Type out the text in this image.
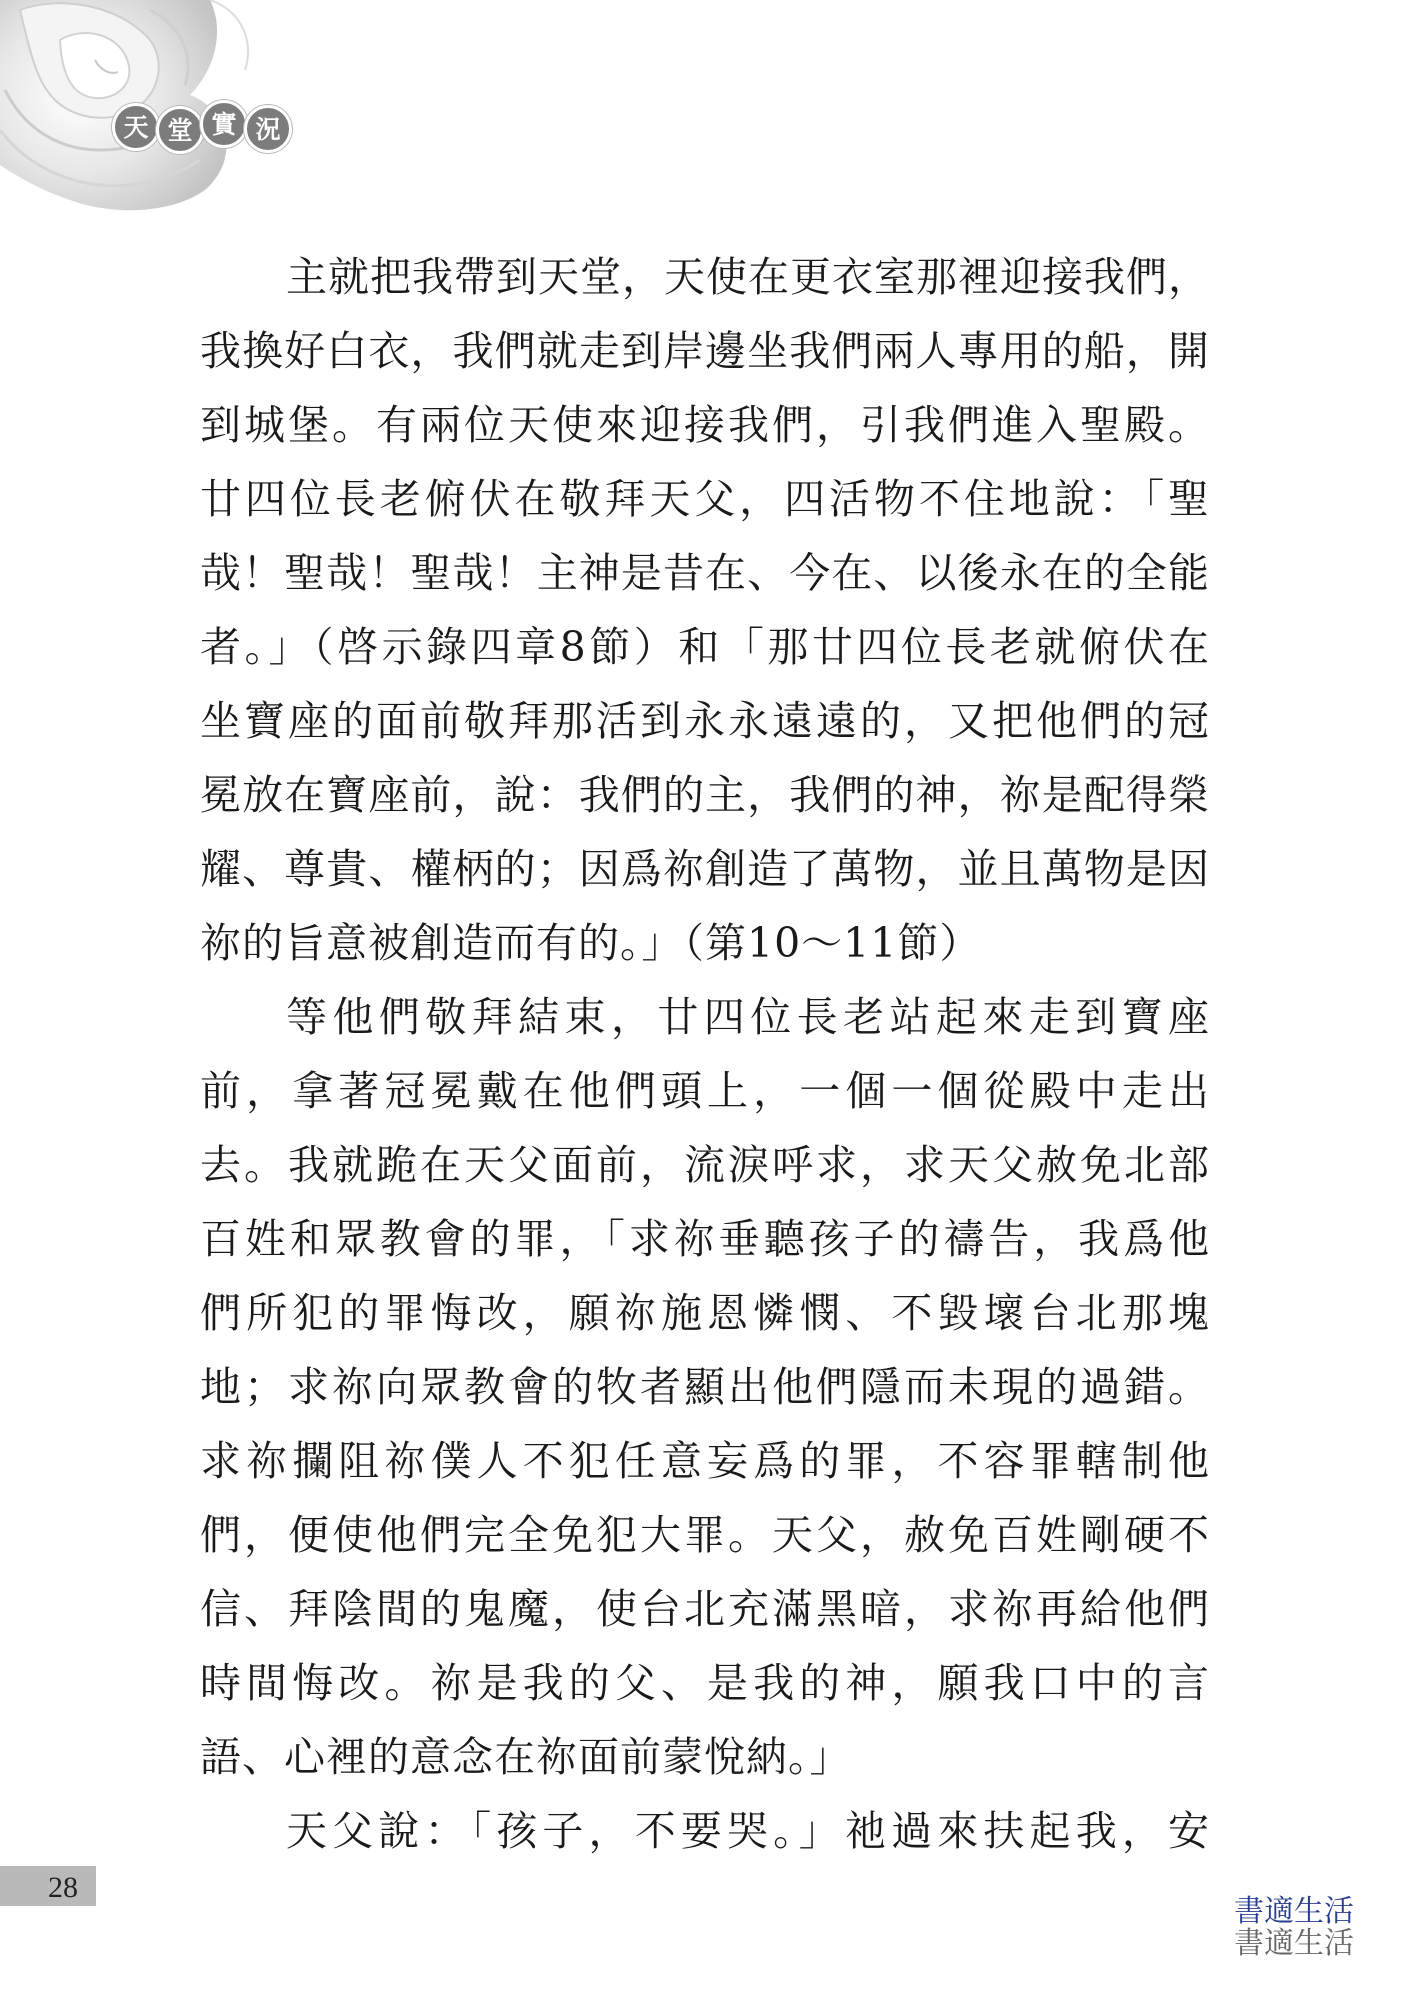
天 堂 實 況
主就把我帶到天堂，天使在更衣室那裡迎接我們，
我換好白衣，我們就走到岸邊坐我們兩人專用的船，開
到城堡。有兩位天使來迎接我們，引我們進入聖殿。
廿四位長老俯伏在敬拜天父，四活物不住地說：「聖
哉！聖哉！聖哉！主神是昔在、今在、以後永在的全能
者。」（啓示錄四章8節）和「那廿四位長老就俯伏在
坐寶座的面前敬拜那活到永永遠遠的，又把他們的冠
冕放在寶座前，說：我們的主，我們的神，祢是配得榮
耀、尊貴、權柄的；因爲祢創造了萬物，並且萬物是因
祢的旨意被創造而有的。」（第10～11節）
等他們敬拜結束，廿四位長老站起來走到寶座
前，拿著冠冕戴在他們頭上，一個一個從殿中走出
去。我就跪在天父面前，流淚呼求，求天父赦免北部
百姓和眾教會的罪，「求祢垂聽孩子的禱告，我爲他
們所犯的罪悔改，願祢施恩憐憫、不毀壞台北那塊
地；求祢向眾教會的牧者顯出他們隱而未現的過錯。
求祢攔阻祢僕人不犯任意妄爲的罪，不容罪轄制他
們，便使他們完全免犯大罪。天父，赦免百姓剛硬不
信、拜陰間的鬼魔，使台北充滿黑暗，求祢再給他們
時間悔改。祢是我的父、是我的神，願我口中的言
語、心裡的意念在祢面前蒙悅納。」
天父說：「孩子，不要哭。」祂過來扶起我，安
28
書適生活
書適生活
